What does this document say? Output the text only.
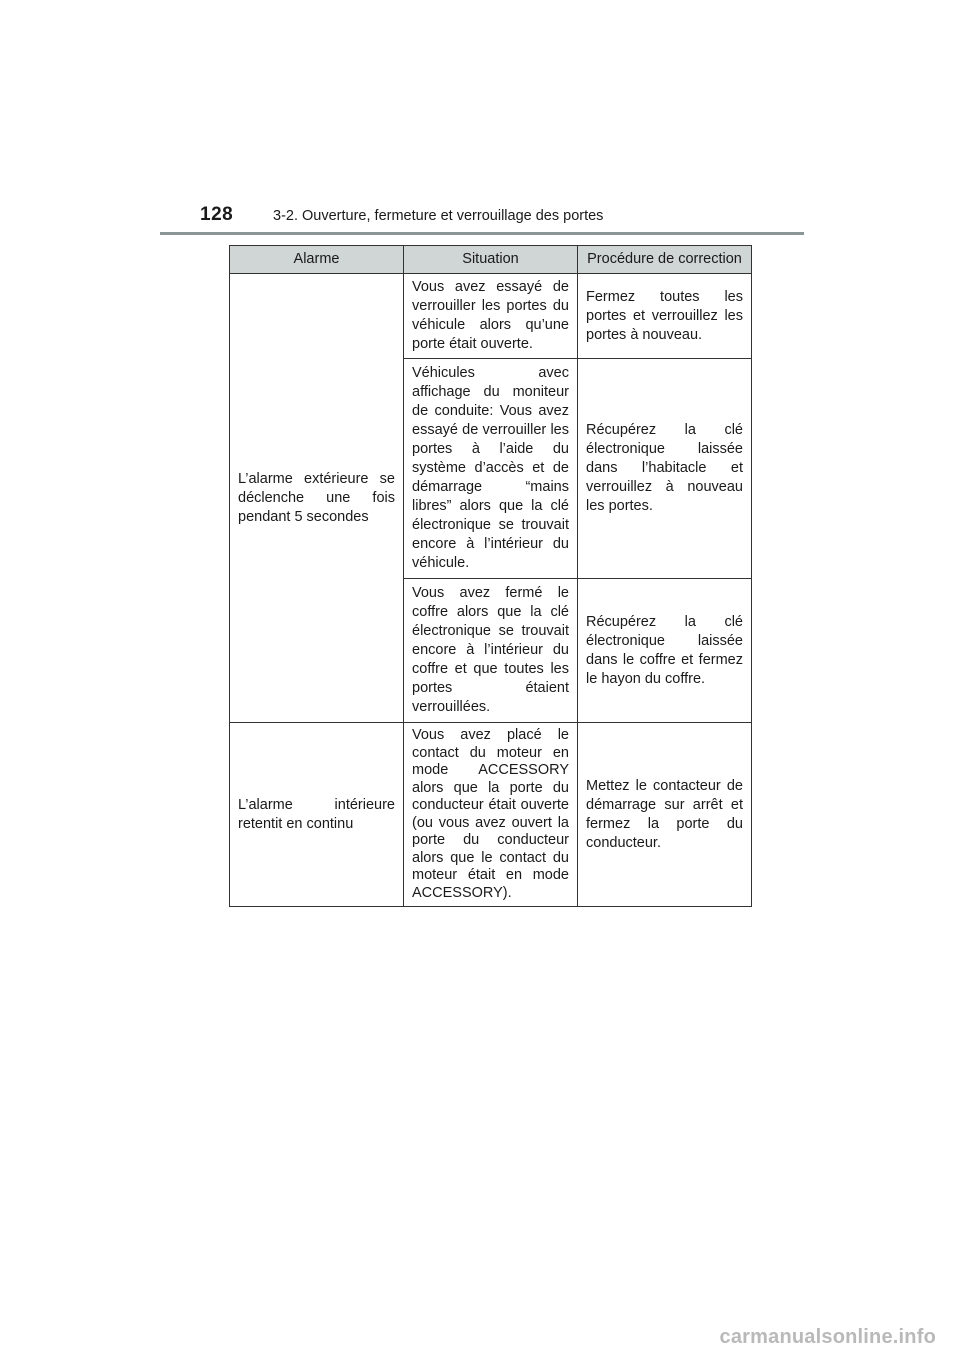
128	3-2. Ouverture, fermeture et verrouillage des portes
Alarme	Situation	Procédure de correction
L’alarme extérieure se déclenche une fois pendant 5 secondes	Vous avez essayé de verrouiller les portes du véhicule alors qu’une porte était ouverte.	Fermez toutes les portes et verrouillez les portes à nouveau.
	Véhicules avec affichage du moniteur de conduite: Vous avez essayé de verrouiller les portes à l’aide du système d’accès et de démarrage “mains libres” alors que la clé électronique se trouvait encore à l’intérieur du véhicule.	Récupérez la clé électronique laissée dans l’habitacle et verrouillez à nouveau les portes.
	Vous avez fermé le coffre alors que la clé électronique se trouvait encore à l’intérieur du coffre et que toutes les portes étaient verrouillées.	Récupérez la clé électronique laissée dans le coffre et fermez le hayon du coffre.
L’alarme intérieure retentit en continu	Vous avez placé le contact du moteur en mode ACCESSORY alors que la porte du conducteur était ouverte (ou vous avez ouvert la porte du conducteur alors que le contact du moteur était en mode ACCESSORY).	Mettez le contacteur de démarrage sur arrêt et fermez la porte du conducteur.
carmanualsonline.info
